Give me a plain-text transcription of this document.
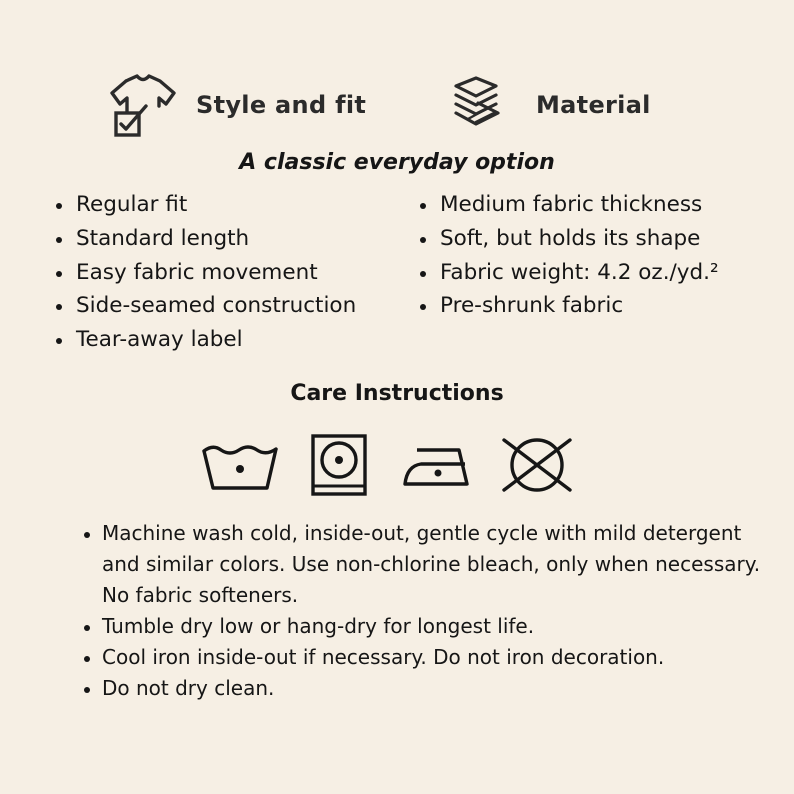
Style and fit	Material
A classic everyday option
Regular fit
Standard length
Easy fabric movement
Side-seamed construction
Tear-away label
Medium fabric thickness
Soft, but holds its shape
Fabric weight: 4.2 oz./yd.²
Pre-shrunk fabric
Care Instructions
Machine wash cold, inside-out, gentle cycle with mild detergent and similar colors. Use non-chlorine bleach, only when necessary. No fabric softeners.
Tumble dry low or hang-dry for longest life.
Cool iron inside-out if necessary. Do not iron decoration.
Do not dry clean.
